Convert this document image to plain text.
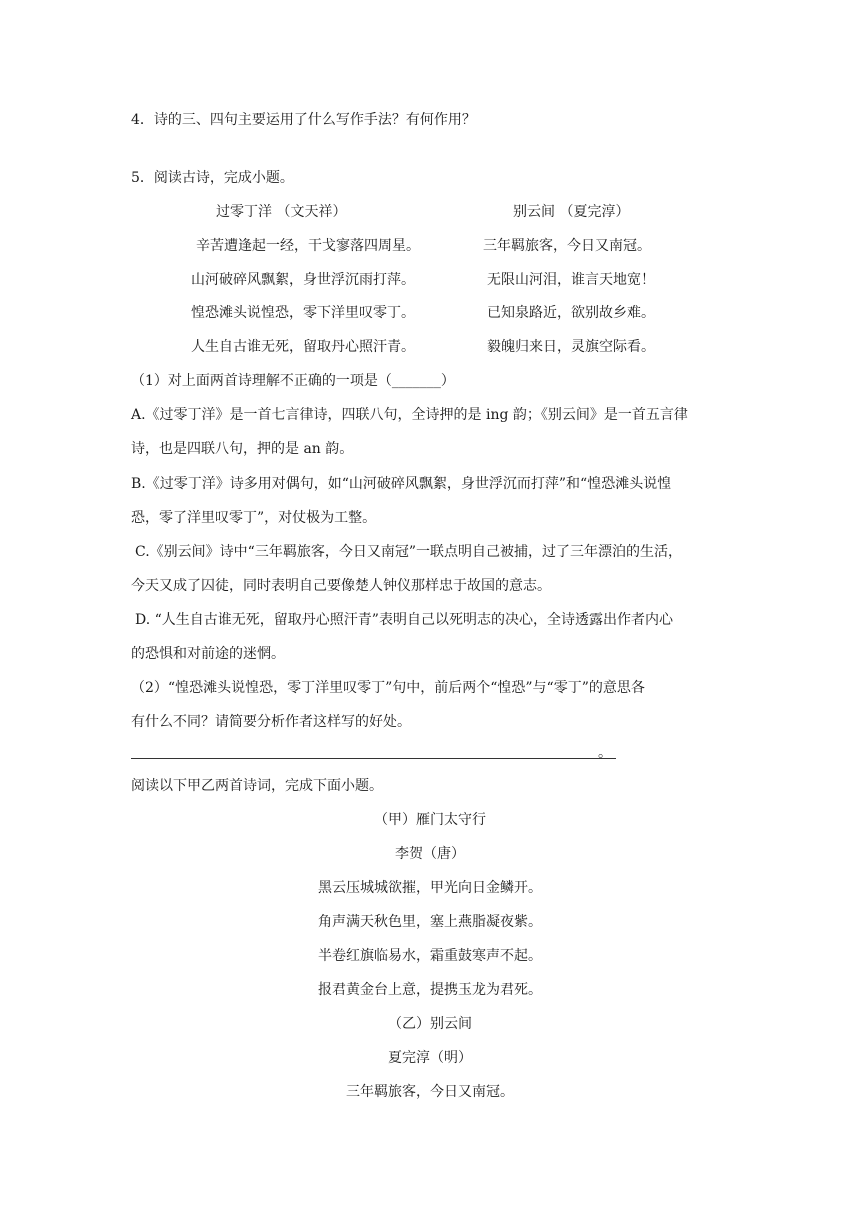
4．诗的三、四句主要运用了什么写作手法？有何作用？
5．阅读古诗，完成小题。
过零丁洋 （文天祥）
辛苦遭逢起一经，干戈寥落四周星。
山河破碎风飘絮，身世浮沉雨打萍。
惶恐滩头说惶恐，零下洋里叹零丁。
人生自古谁无死，留取丹心照汗青。
别云间 （夏完淳）
三年羁旅客，今日又南冠。
无限山河泪，谁言天地宽！
已知泉路近，欲别故乡难。
毅魄归来日，灵旗空际看。
（1）对上面两首诗理解不正确的一项是（_______）
A.《过零丁洋》是一首七言律诗，四联八句，全诗押的是 ing 韵；《别云间》是一首五言律
诗，也是四联八句，押的是 an 韵。
B.《过零丁洋》诗多用对偶句，如“山河破碎风飘絮，身世浮沉而打萍”和“惶恐滩头说惶
恐，零了洋里叹零丁”，对仗极为工整。
C.《别云间》诗中“三年羁旅客，今日又南冠”一联点明自己被捕，过了三年漂泊的生活，
今天又成了囚徒，同时表明自己要像楚人钟仪那样忠于故国的意志。
D. “人生自古谁无死，留取丹心照汗青”表明自己以死明志的决心，全诗透露出作者内心
的恐惧和对前途的迷惘。
（2）“惶恐滩头说惶恐，零丁洋里叹零丁”句中，前后两个“惶恐”与“零丁”的意思各
有什么不同？请简要分析作者这样写的好处。
。
阅读以下甲乙两首诗词，完成下面小题。
（甲）雁门太守行
李贺（唐）
黑云压城城欲摧，甲光向日金鳞开。
角声满天秋色里，塞上燕脂凝夜紫。
半卷红旗临易水，霜重鼓寒声不起。
报君黄金台上意，提携玉龙为君死。
（乙）别云间
夏完淳（明）
三年羁旅客，今日又南冠。
